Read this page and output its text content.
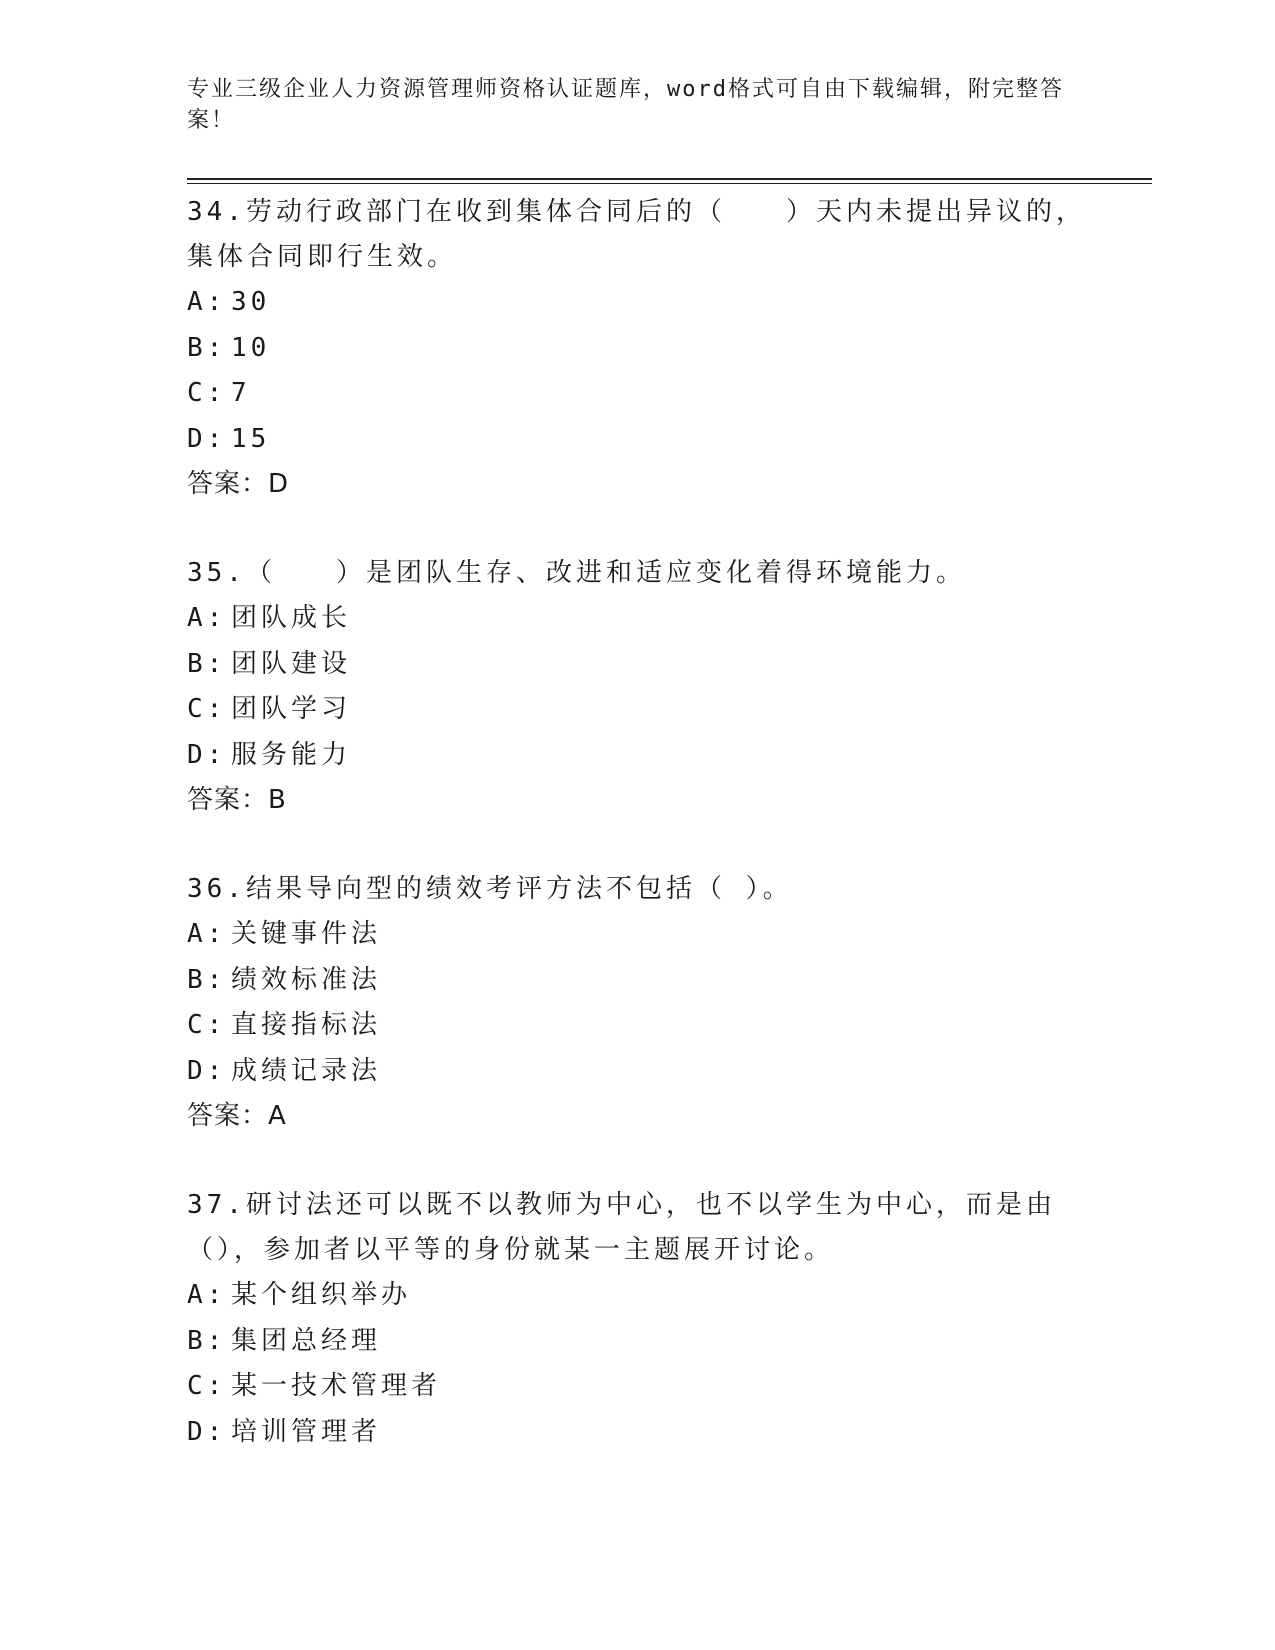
专业三级企业人力资源管理师资格认证题库，word格式可自由下载编辑，附完整答案！

34.劳动行政部门在收到集体合同后的（　　）天内未提出异议的，集体合同即行生效。

A: 30

B: 10

C: 7

D: 15

答案：D

35.（　　）是团队生存、改进和适应变化着得环境能力。

A: 团队成长

B: 团队建设

C: 团队学习

D: 服务能力

答案：B

36.结果导向型的绩效考评方法不包括（ ）。

A: 关键事件法

B: 绩效标准法

C: 直接指标法

D: 成绩记录法

答案：A

37.研讨法还可以既不以教师为中心，也不以学生为中心，而是由（），参加者以平等的身份就某一主题展开讨论。

A: 某个组织举办

B: 集团总经理

C: 某一技术管理者

D: 培训管理者
